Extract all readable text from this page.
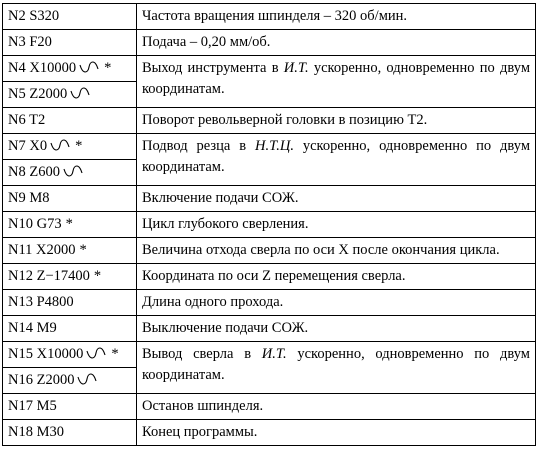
N2 S320	Частота вращения шпинделя – 320 об/мин.
N3 F20	Подача – 0,20 мм/об.
N4 X10000 *	Выход инструмента в И.Т. ускоренно, одновременно по двум координатам.
N5 Z2000	
N6 T2	Поворот револьверной головки в позицию Т2.
N7 X0 *	Подвод резца в Н.Т.Ц. ускоренно, одновременно по двум координатам.
N8 Z600	
N9 M8	Включение подачи СОЖ.
N10 G73 *	Цикл глубокого сверления.
N11 X2000 *	Величина отхода сверла по оси X после окончания цикла.
N12 Z−17400 *	Координата по оси Z перемещения сверла.
N13 P4800	Длина одного прохода.
N14 M9	Выключение подачи СОЖ.
N15 X10000 *	Вывод сверла в И.Т. ускоренно, одновременно по двум координатам.
N16 Z2000	
N17 M5	Останов шпинделя.
N18 M30	Конец программы.
